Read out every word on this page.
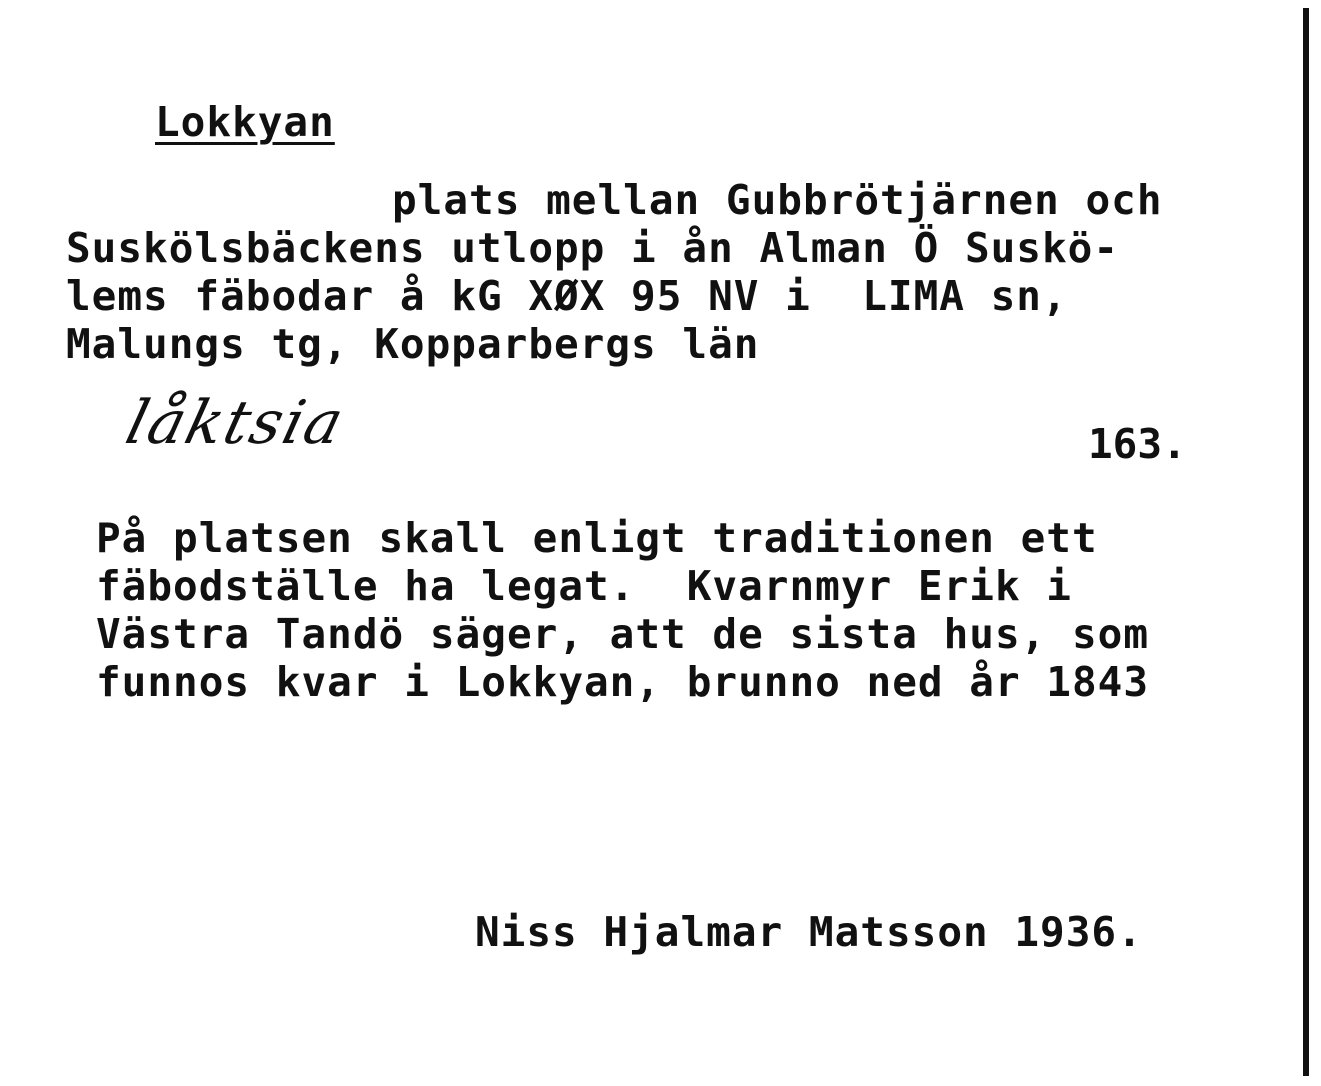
Lokkyan
plats mellan Gubbrötjärnen och
Suskölsbäckens utlopp i ån Alman Ö Suskö-
lems fäbodar å kG XØX 95 NV i  LIMA sn,
Malungs tg, Kopparbergs län
låktsia	163.
På platsen skall enligt traditionen ett
fäbodställe ha legat.  Kvarnmyr Erik i
Västra Tandö säger, att de sista hus, som
funnos kvar i Lokkyan, brunno ned år 1843
Niss Hjalmar Matsson 1936.
